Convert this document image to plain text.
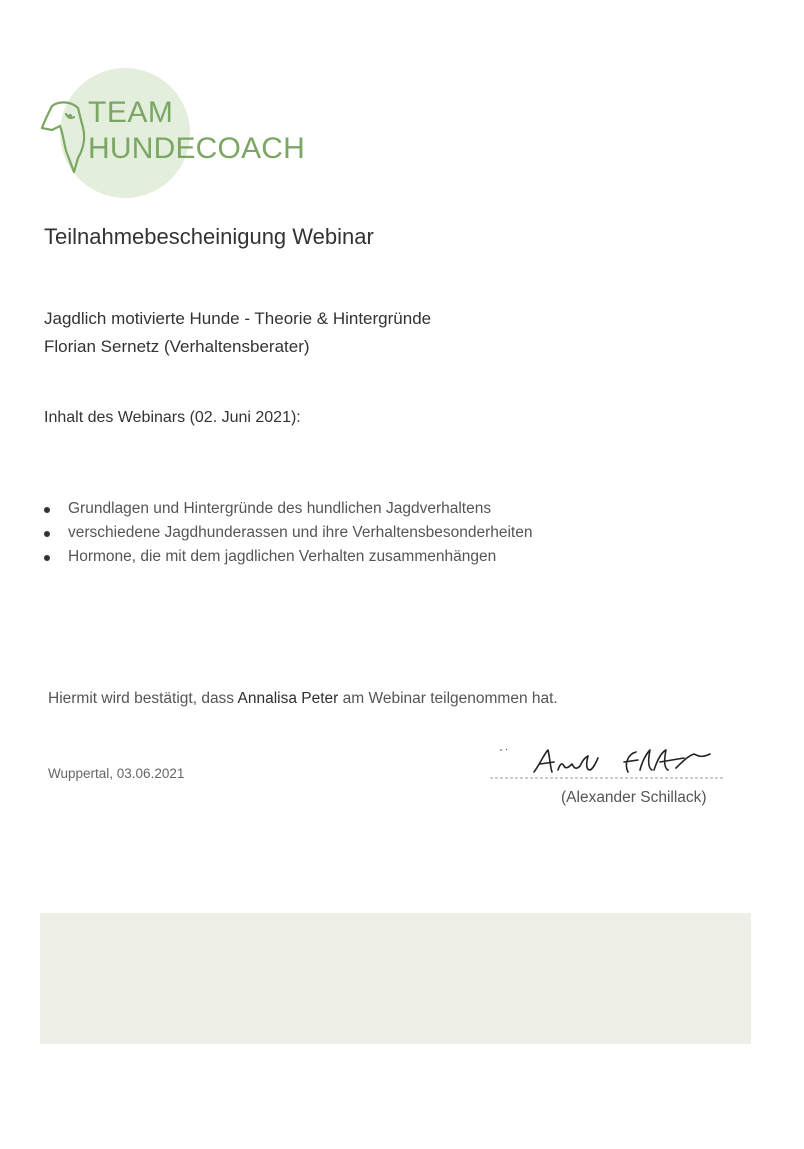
TEAM
HUNDECOACH
Teilnahmebescheinigung Webinar
Jagdlich motivierte Hunde - Theorie & Hintergründe
Florian Sernetz (Verhaltensberater)
Inhalt des Webinars (02. Juni 2021):
Grundlagen und Hintergründe des hundlichen Jagdverhaltens
verschiedene Jagdhunderassen und ihre Verhaltensbesonderheiten
Hormone, die mit dem jagdlichen Verhalten zusammenhängen
Hiermit wird bestätigt, dass Annalisa Peter am Webinar teilgenommen hat.
Wuppertal, 03.06.2021
(Alexander Schillack)
